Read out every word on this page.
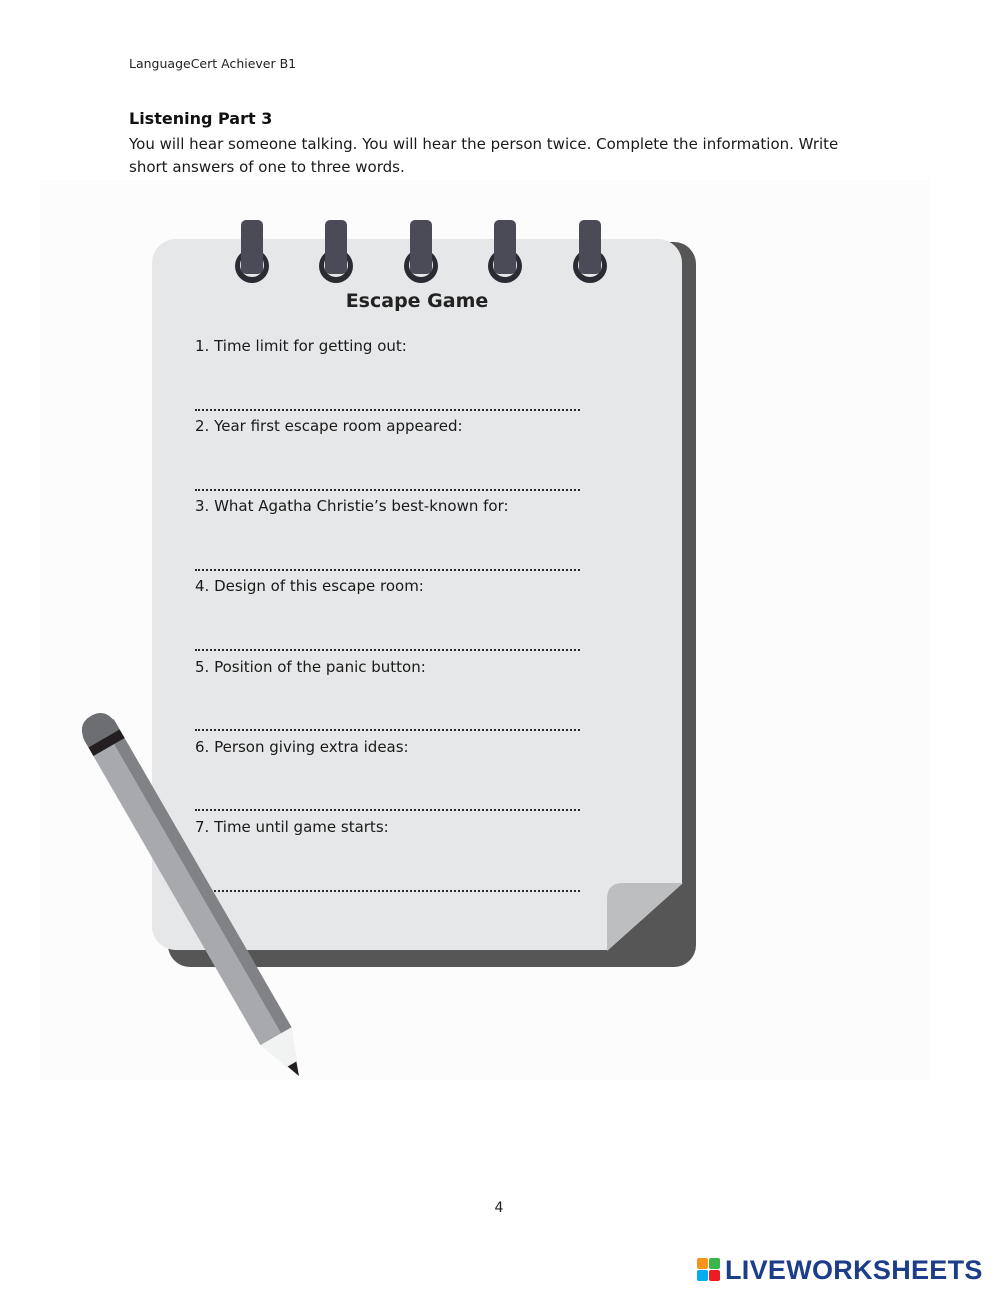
LanguageCert Achiever B1
Listening Part 3
You will hear someone talking. You will hear the person twice. Complete the information. Write short answers of one to three words.
Escape Game
1. Time limit for getting out:
2. Year first escape room appeared:
3. What Agatha Christie’s best-known for:
4. Design of this escape room:
5. Position of the panic button:
6. Person giving extra ideas:
7. Time until game starts:
4
LIVEWORKSHEETS
